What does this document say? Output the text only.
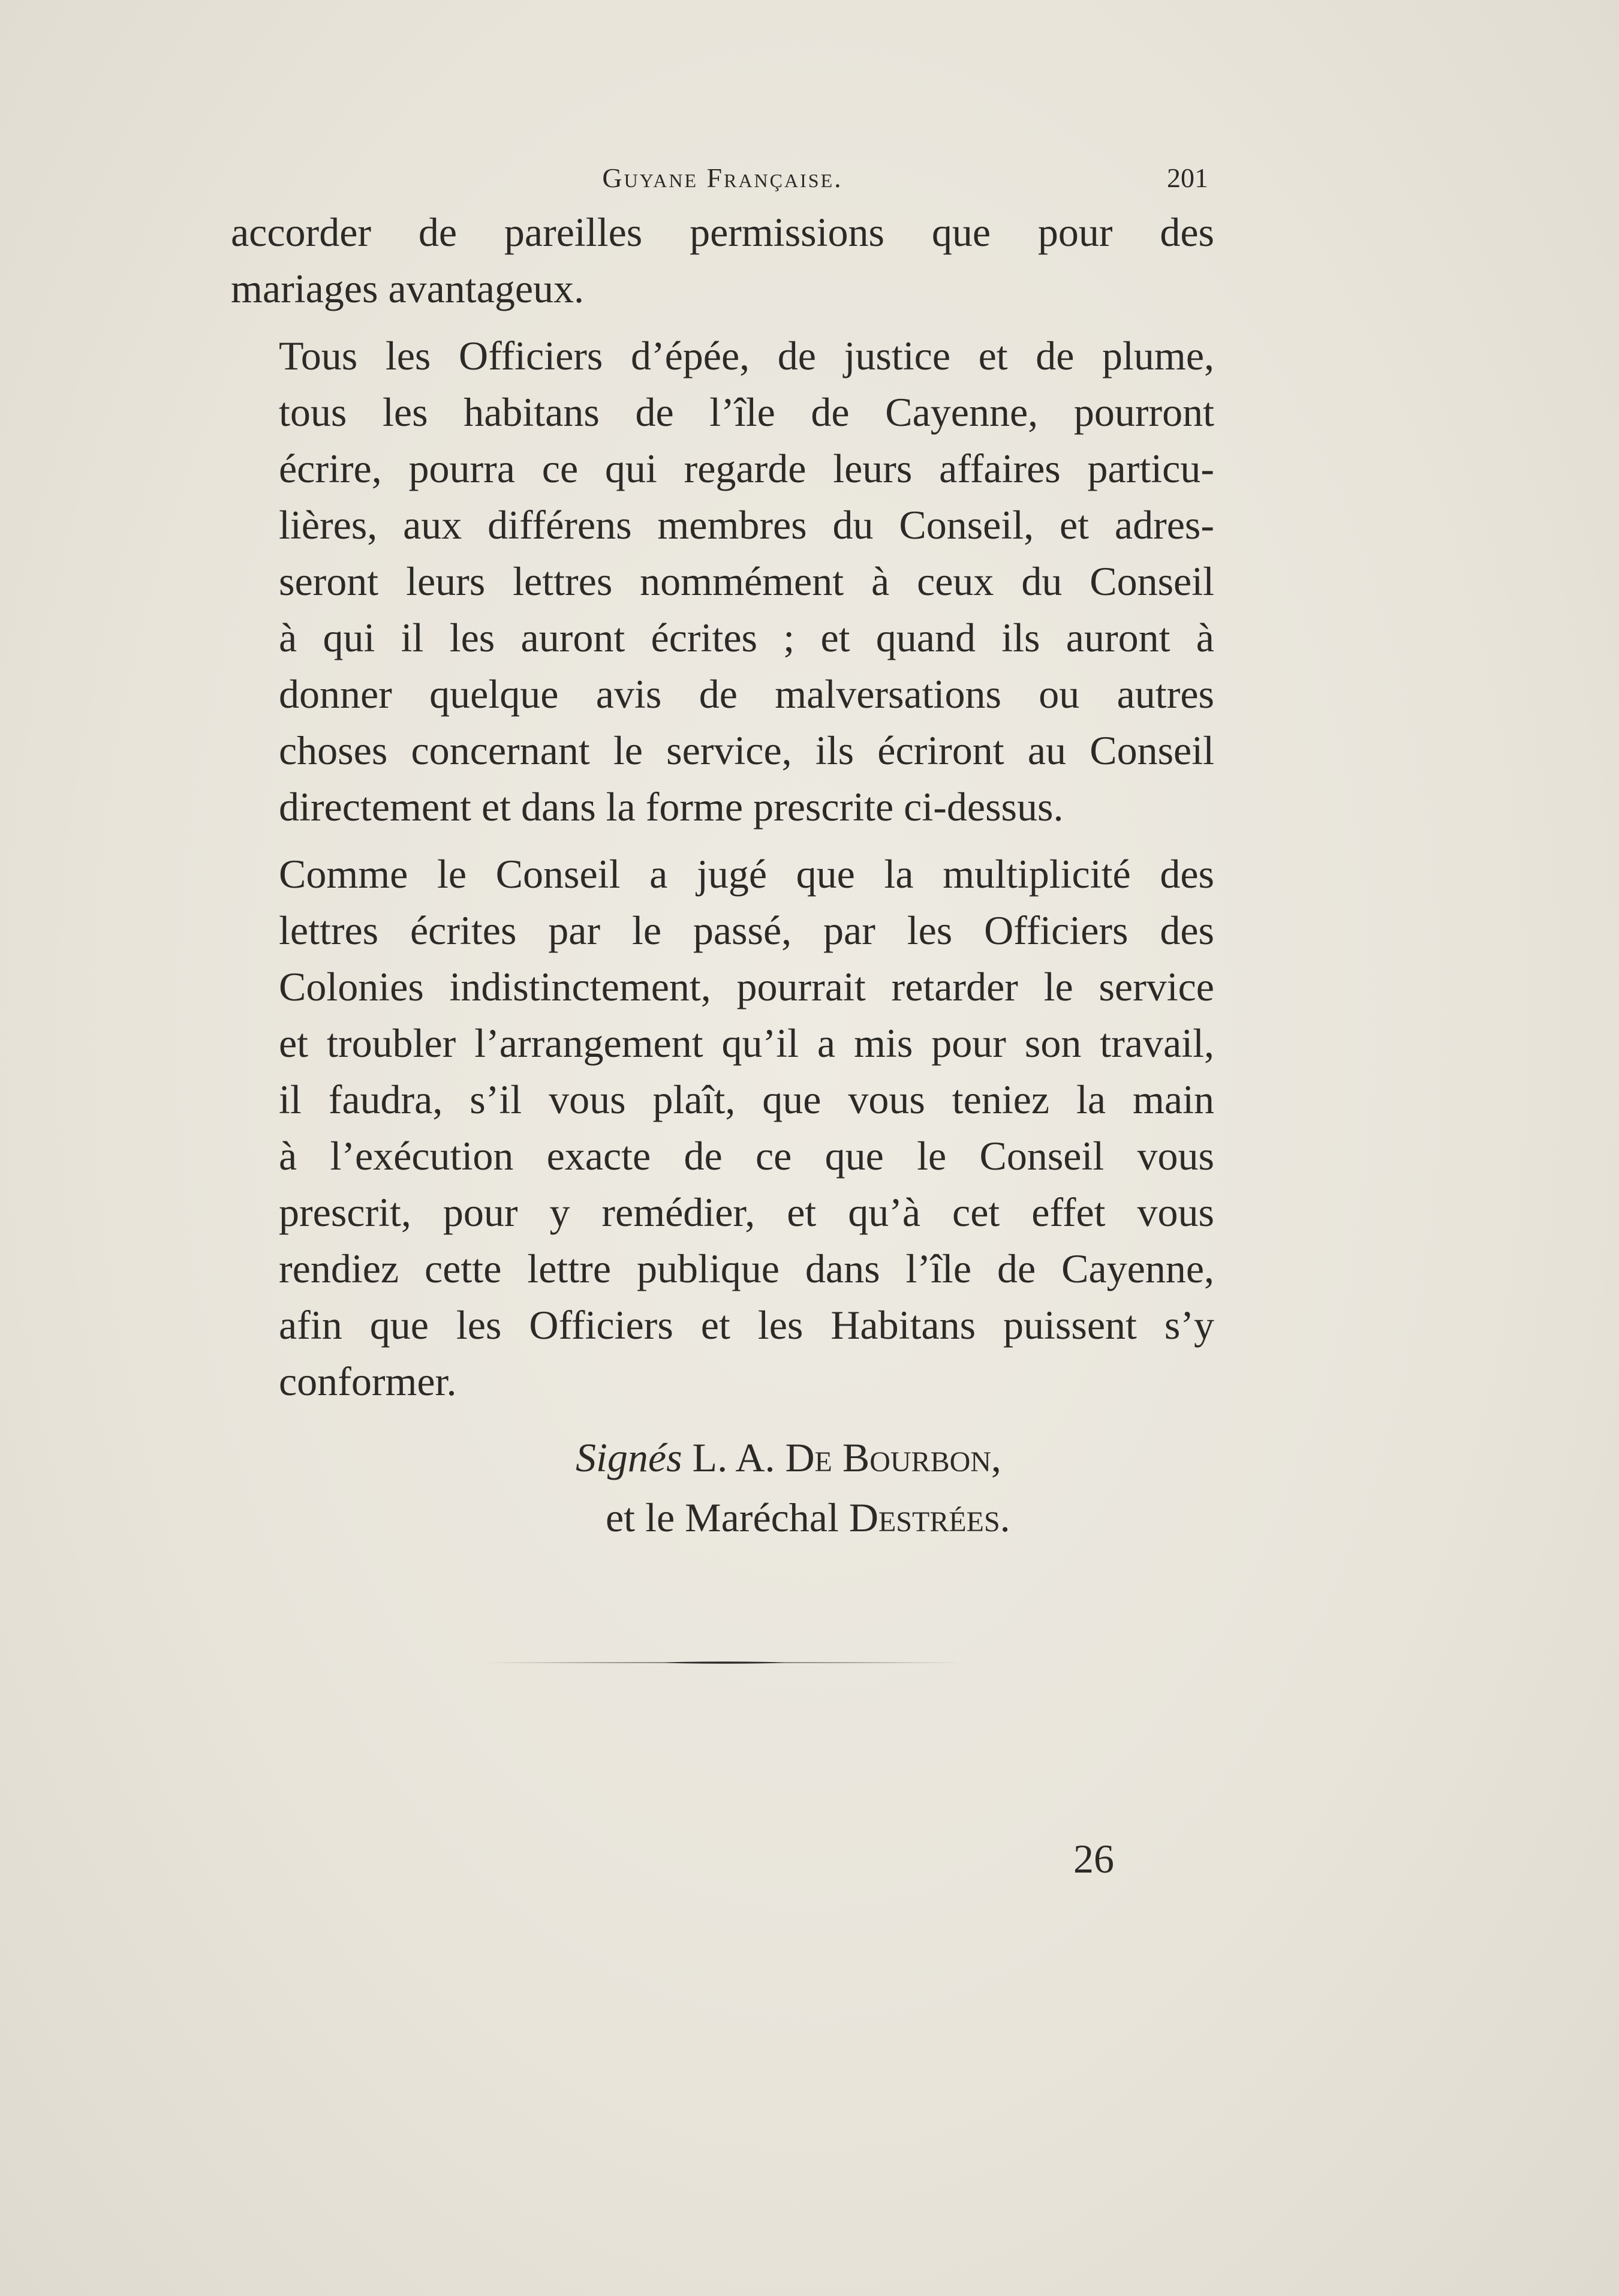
Guyane Française.	201

accorder de pareilles permissions que pour des
mariages avantageux.

Tous les Officiers d’épée, de justice et de plume,
tous les habitans de l’île de Cayenne, pourront
écrire, pourra ce qui regarde leurs affaires particu-
lières, aux différens membres du Conseil, et adres-
seront leurs lettres nommément à ceux du Conseil
à qui il les auront écrites ; et quand ils auront à
donner quelque avis de malversations ou autres
choses concernant le service, ils écriront au Conseil
directement et dans la forme prescrite ci-dessus.

Comme le Conseil a jugé que la multiplicité des
lettres écrites par le passé, par les Officiers des
Colonies indistinctement, pourrait retarder le service
et troubler l’arrangement qu’il a mis pour son travail,
il faudra, s’il vous plaît, que vous teniez la main
à l’exécution exacte de ce que le Conseil vous
prescrit, pour y remédier, et qu’à cet effet vous
rendiez cette lettre publique dans l’île de Cayenne,
afin que les Officiers et les Habitans puissent s’y
conformer.

Signés L. A. De Bourbon,
et le Maréchal Destrées.
26
